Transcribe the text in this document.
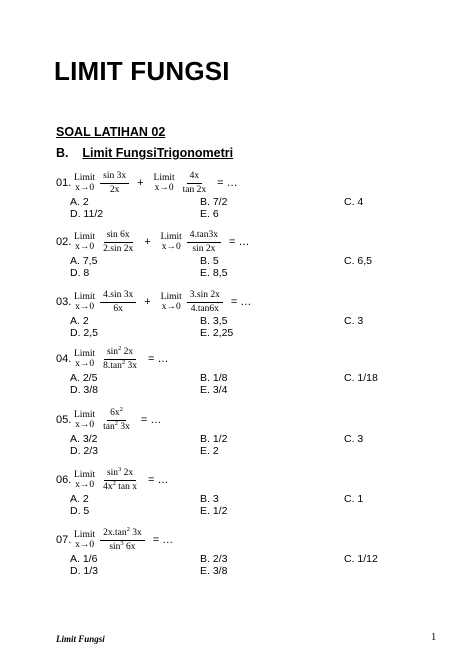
LIMIT FUNGSI
SOAL LATIHAN 02
B. Limit FungsiTrigonometri
01. Limit
$x\to 0 \frac{\sin 3x}{2x}$ + Limit
$x\to 0 \frac{4x}{\tan 2x}$ = …
A. 2	B. 7/2	C. 4
D. 11/2	E. 6
02. Limit
$x\to 0 \frac{\sin 6x}{2.\sin 2x}$ + Limit
$x\to 0 \frac{4.\tan 3x}{\sin 2x}$ = …
A. 7,5	B. 5	C. 6,5
D. 8	E. 8,5
03. Limit
$x\to 0 \frac{4.\sin 3x}{6x}$ + Limit
$x\to 0 \frac{3.\sin 2x}{4.\tan 6x}$ = …
A. 2	B. 3,5	C. 3
D. 2,5	E. 2,25
04. Limit
$x\to 0 \frac{\sin^2 2x}{8.\tan^2 3x}$ = …
A. 2/5	B. 1/8	C. 1/18
D. 3/8	E. 3/4
05. Limit
$x\to 0 \frac{6x^2}{\tan^2 3x}$ = …
A. 3/2	B. 1/2	C. 3
D. 2/3	E. 2
06. Limit
$x\to 0 \frac{\sin^3 2x}{4x^2 \tan x}$ = …
A. 2	B. 3	C. 1
D. 5	E. 1/2
07. Limit
$x\to 0 \frac{2x.\tan^2 3x}{\sin^3 6x}$ = …
A. 1/6	B. 2/3	C. 1/12
D. 1/3	E. 3/8
Limit Fungsi	1
